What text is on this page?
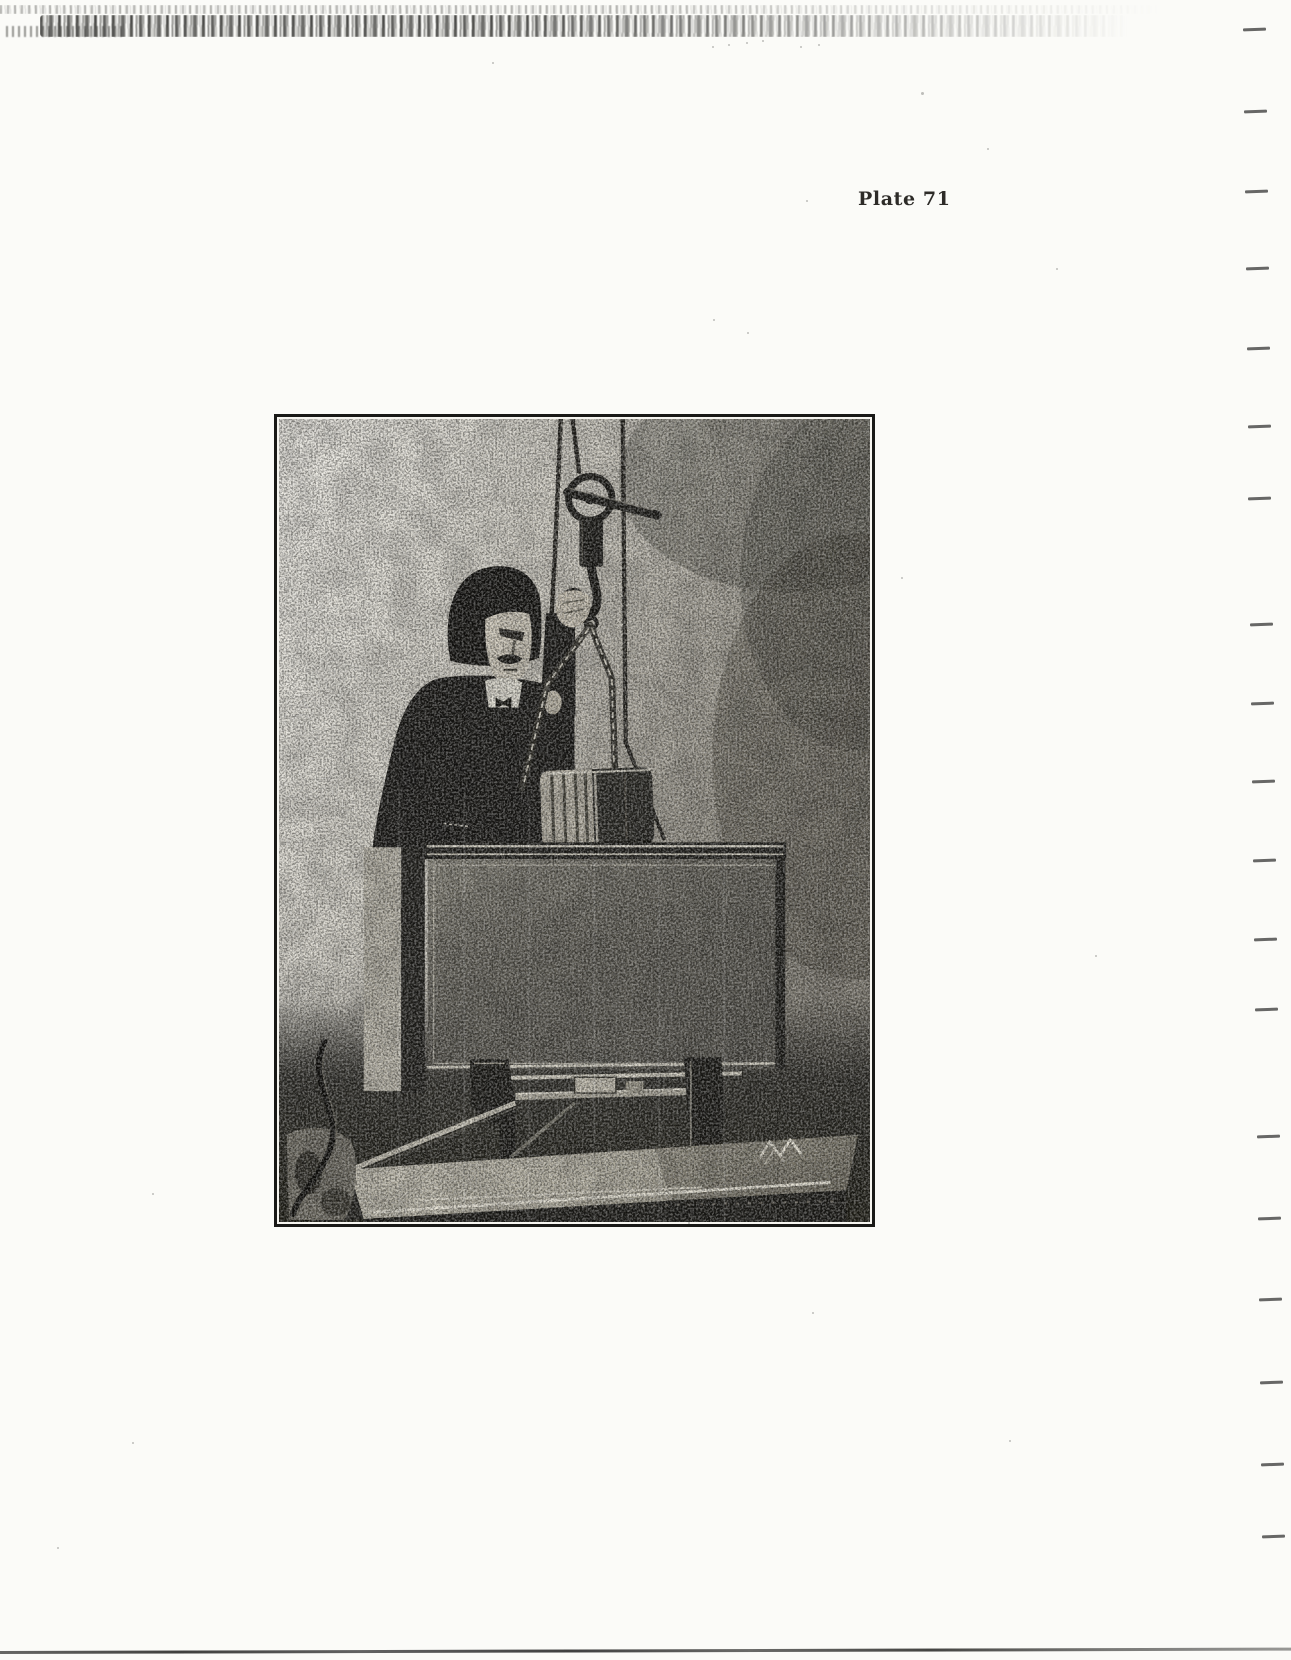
Plate 71
